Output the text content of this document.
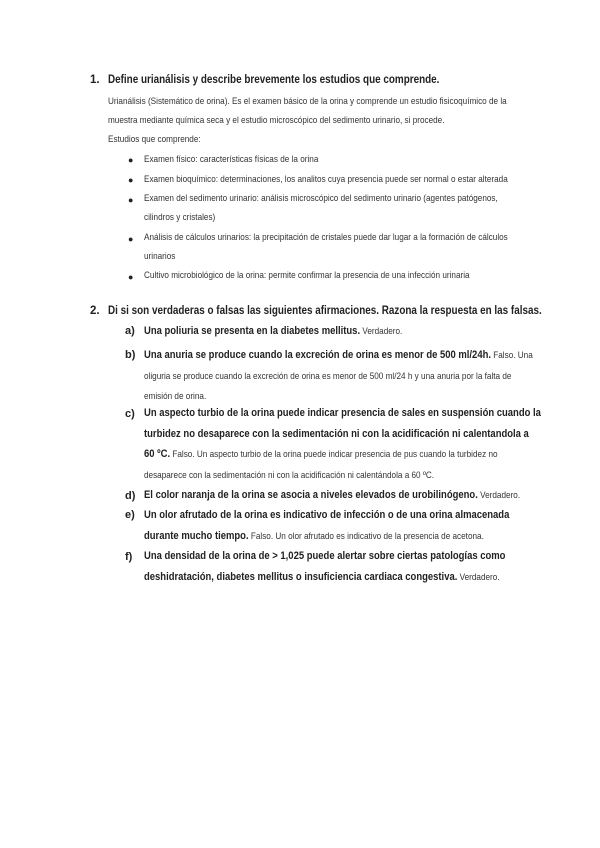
1. Define urianálisis y describe brevemente los estudios que comprende.
Urianálisis (Sistemático de orina). Es el examen básico de la orina y comprende un estudio fisicoquímico de la
muestra mediante química seca y el estudio microscópico del sedimento urinario, si procede.
Estudios que comprende:
● Examen físico: características físicas de la orina
● Examen bioquímico: determinaciones, los analitos cuya presencia puede ser normal o estar alterada
● Examen del sedimento urinario: análisis microscópico del sedimento urinario (agentes patógenos,
cilindros y cristales)
● Análisis de cálculos urinarios: la precipitación de cristales puede dar lugar a la formación de cálculos
urinarios
● Cultivo microbiológico de la orina: permite confirmar la presencia de una infección urinaria
2. Di si son verdaderas o falsas las siguientes afirmaciones. Razona la respuesta en las falsas.
a) Una poliuria se presenta en la diabetes mellitus. Verdadero.
b) Una anuria se produce cuando la excreción de orina es menor de 500 ml/24h. Falso. Una
oliguria se produce cuando la excreción de orina es menor de 500 ml/24 h y una anuria por la falta de
emisión de orina.
c) Un aspecto turbio de la orina puede indicar presencia de sales en suspensión cuando la
turbidez no desaparece con la sedimentación ni con la acidificación ni calentandola a
60 ºC. Falso. Un aspecto turbio de la orina puede indicar presencia de pus cuando la turbidez no
desaparece con la sedimentación ni con la acidificación ni calentándola a 60 ºC.
d) El color naranja de la orina se asocia a niveles elevados de urobilinógeno. Verdadero.
e) Un olor afrutado de la orina es indicativo de infección o de una orina almacenada
durante mucho tiempo. Falso. Un olor afrutado es indicativo de la presencia de acetona.
f) Una densidad de la orina de > 1,025 puede alertar sobre ciertas patologías como
deshidratación, diabetes mellitus o insuficiencia cardiaca congestiva. Verdadero.
